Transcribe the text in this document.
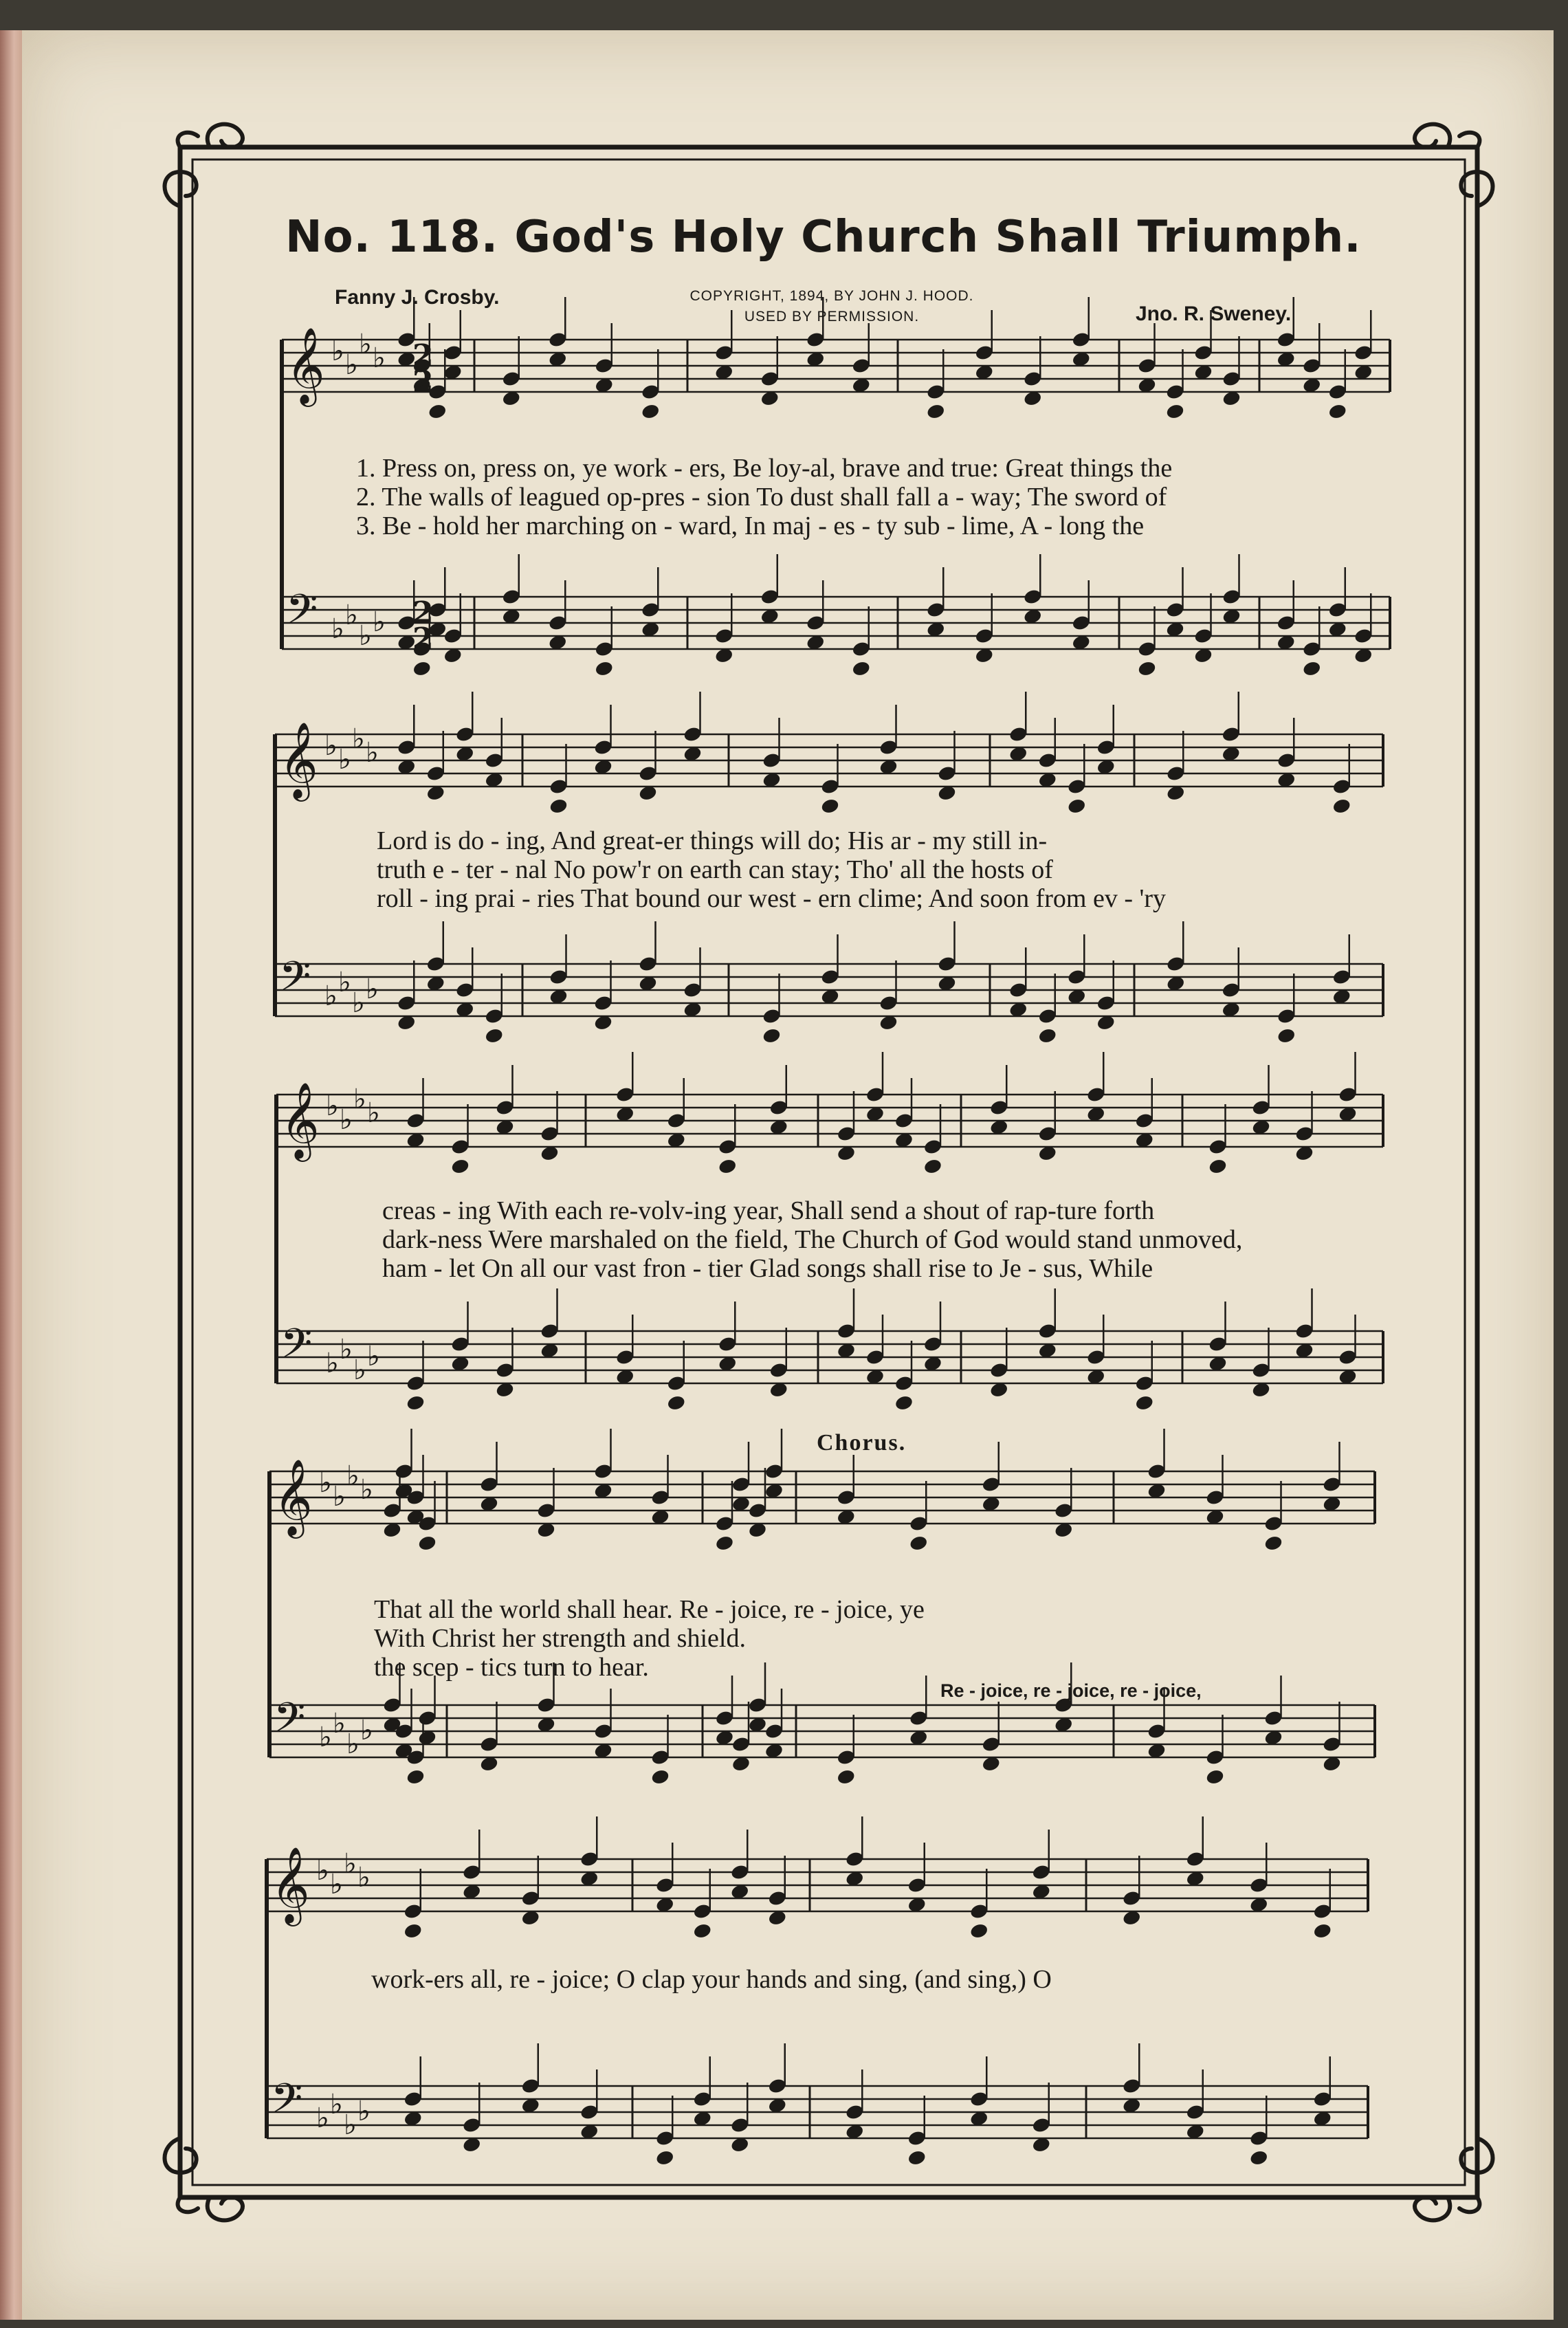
No. 118. God's Holy Church Shall Triumph.
Fanny J. Crosby.
Jno. R. Sweney.
COPYRIGHT, 1894, BY JOHN J. HOOD.
USED BY PERMISSION.
𝄞 ♭ ♭
♭ ♭
𝄢 ♭ ♭
♭ ♭
𝄞 ♭ ♭
♭ ♭
𝄢 ♭ ♭
♭ ♭
𝄞 ♭ ♭
♭ ♭
𝄢 ♭ ♭
♭ ♭
𝄞 ♭ ♭
♭ ♭
𝄢 ♭ ♭
♭ ♭
𝄞 ♭ ♭
♭ ♭
𝄢 ♭ ♭
♭ ♭
2
2
2
2
1. Press on, press on, ye work - ers, Be loy-al, brave and true: Great things the
2. The walls of leagued op-pres - sion To dust shall fall a - way; The sword of
3. Be - hold her marching on - ward, In maj - es - ty sub - lime, A - long the
Lord is do - ing, And great-er things will do; His ar - my still in-
truth e - ter - nal No pow'r on earth can stay; Tho' all the hosts of
roll - ing prai - ries That bound our west - ern clime; And soon from ev - 'ry
creas - ing With each re-volv-ing year, Shall send a shout of rap-ture forth
dark-ness Were marshaled on the field, The Church of God would stand unmoved,
ham - let On all our vast fron - tier Glad songs shall rise to Je - sus, While
Chorus.
That all the world shall hear. Re - joice, re - joice, ye
With Christ her strength and shield.
the scep - tics turn to hear.
Re - joice, re - joice, re - joice,
work-ers all, re - joice; O clap your hands and sing, (and sing,) O
